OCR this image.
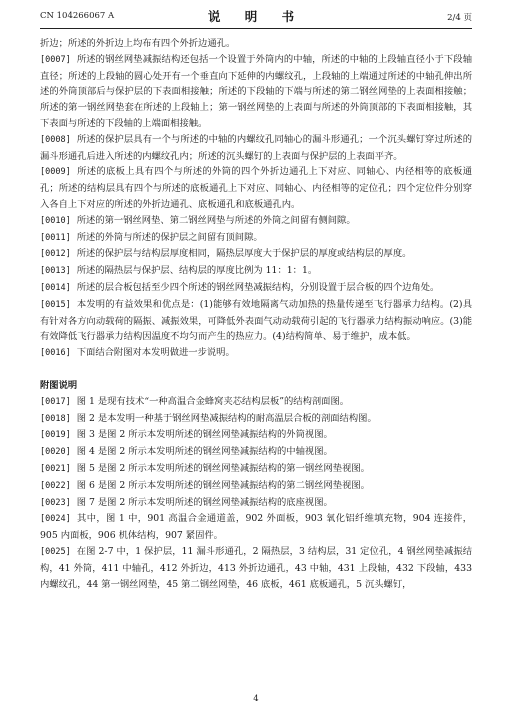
CN 104266067 A	说 明 书	2/4 页

折边；所述的外折边上均布有四个外折边通孔。

[0007] 所述的钢丝网垫减振结构还包括一个设置于外筒内的中轴，所述的中轴的上段轴直径小于下段轴直径；所述的上段轴的圆心处开有一个垂直向下延伸的内螺纹孔，上段轴的上端通过所述的中轴孔伸出所述的外筒顶部后与保护层的下表面相接触；所述的下段轴的下端与所述的第二钢丝网垫的上表面相接触；所述的第一钢丝网垫套在所述的上段轴上；第一钢丝网垫的上表面与所述的外筒顶部的下表面相接触，其下表面与所述的下段轴的上端面相接触。

[0008] 所述的保护层具有一个与所述的中轴的内螺纹孔同轴心的漏斗形通孔；一个沉头螺钉穿过所述的漏斗形通孔后进入所述的内螺纹孔内；所述的沉头螺钉的上表面与保护层的上表面平齐。

[0009] 所述的底板上具有四个与所述的外筒的四个外折边通孔上下对应、同轴心、内径相等的底板通孔；所述的结构层具有四个与所述的底板通孔上下对应、同轴心、内径相等的定位孔；四个定位件分别穿入各自上下对应的所述的外折边通孔、底板通孔和底板通孔内。

[0010] 所述的第一钢丝网垫、第二钢丝网垫与所述的外筒之间留有侧间隙。

[0011] 所述的外筒与所述的保护层之间留有顶间隙。

[0012] 所述的保护层与结构层厚度相同，隔热层厚度大于保护层的厚度或结构层的厚度。

[0013] 所述的隔热层与保护层、结构层的厚度比例为 11：1：1。

[0014] 所述的层合板包括至少四个所述的钢丝网垫减振结构，分别设置于层合板的四个边角处。

[0015] 本发明的有益效果和优点是：(1)能够有效地隔离气动加热的热量传递至飞行器承力结构。(2)具有针对各方向动载荷的隔振、减振效果，可降低外表面气动动载荷引起的飞行器承力结构振动响应。(3)能有效降低飞行器承力结构因温度不均匀而产生的热应力。(4)结构简单、易于维护，成本低。

[0016] 下面结合附图对本发明做进一步说明。

附图说明

[0017] 图 1 是现有技术“一种高温合金蜂窝夹芯结构层板”的结构剖面图。

[0018] 图 2 是本发明一种基于钢丝网垫减振结构的耐高温层合板的剖面结构图。

[0019] 图 3 是图 2 所示本发明所述的钢丝网垫减振结构的外筒视图。

[0020] 图 4 是图 2 所示本发明所述的钢丝网垫减振结构的中轴视图。

[0021] 图 5 是图 2 所示本发明所述的钢丝网垫减振结构的第一钢丝网垫视图。

[0022] 图 6 是图 2 所示本发明所述的钢丝网垫减振结构的第二钢丝网垫视图。

[0023] 图 7 是图 2 所示本发明所述的钢丝网垫减振结构的底座视图。

[0024] 其中，图 1 中，901 高温合金通道盖，902 外面板，903 氧化铝纤维填充物，904 连接件，905 内面板，906 机体结构，907 紧固件。

[0025] 在图 2-7 中，1 保护层，11 漏斗形通孔，2 隔热层，3 结构层，31 定位孔，4 钢丝网垫减振结构，41 外筒，411 中轴孔，412 外折边，413 外折边通孔，43 中轴，431 上段轴，432 下段轴，433 内螺纹孔，44 第一钢丝网垫，45 第二钢丝网垫，46 底板，461 底板通孔，5 沉头螺钉，

4
